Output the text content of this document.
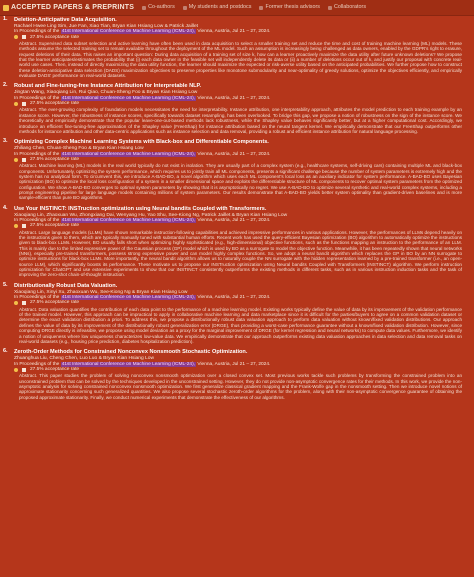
ACCEPTED PAPERS & PREPRINTS	Co-authors	My students and postdocs	Former thesis advisors	Collaborators
1. Deletion-Anticipative Data Acquisition.
Rachael Hwee Ling Sim, Jue Fan, Xiao Tian, Bryan Kian Hsiang Low & Patrick Jaillet
In Proceedings of the 41st International Conference on Machine Learning (ICML-24), Vienna, Austria, Jul 21 – 27, 2024.
27.5% acceptance rate
Abstract. Supervised data subset selection and active learning have often been used in data acquisition to select a smaller training set and reduce the time and cost of training machine learning (ML) models. These methods assume the selected training set to remain available throughout the deployment of the ML model. Such an assumption is increasingly being challenged as data owners, enabled by the GDPR's right to erasure, request deletions of their data. This raises an important question: During data acquisition of a training set of size k, how can a learner proactively maximize the data utility after future unknown deletions? We propose that the learner anticipates/estimates the probability that (i) each data owner in the feasible set will independently delete its data or (ii) a number of deletions occur out of k, and justify our proposal with concrete real-world use cases. Then, instead of directly maximizing the data utility function, the learner should maximize the expected or risk-averse utility based on the anticipated probabilities. We further propose how to construct these deletion-anticipative data selection (DADS) maximization objectives to preserve properties like monotone submodularity and near-optimality of greedy solutions, optimize the objectives efficiently, and empirically evaluate DADS' performance on real-world datasets.
2. Robust and Fine-tuning-free Instance Attribution for Interpretable NLP.
Jingtan Wang, Xiaoqiang Lin, Rui Qiao, Chuan-Sheng Foo & Bryan Kian Hsiang Low
In Proceedings of the 41st International Conference on Machine Learning (ICML-24), Vienna, Austria, Jul 21 – 27, 2024.
27.5% acceptance rate
Abstract. The ever-growing complexity of foundation models necessitates the need for interpretability. Instance attribution, one interpretability approach, attributes the model prediction to each training example by an instance score. However, the robustness of instance scores, specifically towards dataset resampling, has been overlooked. To bridge this gap, we propose a notion of robustness on the sign of the instance score. We theoretically and empirically demonstrate that the popular leave-one-out-based methods lack robustness, while the Shapley value behaves significantly better, but at a higher computational cost. Accordingly, we introduce an efficient fine-tuning-free approximation of the Shapley value (FreeShap) for instance attribution based on the neural tangent kernel. We empirically demonstrate that our FreeShap outperforms other methods for instance attribution and other data-centric applications such as instance selection and data removal, providing a robust and efficient instance attribution for natural language processing.
3. Optimizing Complex Machine Learning Systems with Black-box and Differentiable Components.
Zhiliang Chen, Chuan-Sheng Foo & Bryan Kian Hsiang Low
In Proceedings of the 41st International Conference on Machine Learning (ICML-24), Vienna, Austria, Jul 21 – 27, 2024.
27.5% acceptance rate
Abstract. Machine learning (ML) models in the real world typically do not exist in isolation. They are usually part of a complex system (e.g., healthcare systems, self-driving cars) containing multiple ML and black-box components. Unfortunately, optimizing the system performance, which requires us to jointly train all ML components, presents a significant challenge because the number of system parameters is extremely high and the system has no analytical form. To circumvent this, we introduce A-BAD-BO, a novel algorithm which uses each ML component's local loss as an auxiliary indicator for system performance. A-BAD-BO uses Bayesian optimization (BO) to optimize the local loss configuration of a system in a smaller dimensional space and exploits the differentiable structure of ML components to recover optimal system parameters from the optimized configuration. We show A-BAD-BO converges to optimal system parameters by showing that it is asymptotically no regret. We use A-BAD-BO to optimize several synthetic and real-world complex systems, including a prompt engineering pipeline for large language models containing millions of system parameters. Our results demonstrate that A-BAD-BO yields better system optimality than gradient-driven baselines and is more sample-efficient than pure BO algorithms.
4. Use Your INSTINCT: INSTruction optimization usIng Neural bandits Coupled with Transformers.
Xiaoqiang Lin, Zhaoxuan Wu, Zhongxiang Dai, Wenyang Hu, Yao Shu, See-Kiong Ng, Patrick Jaillet & Bryan Kian Hsiang Low
In Proceedings of the 41st International Conference on Machine Learning (ICML-24), Vienna, Austria, Jul 21 – 27, 2024.
27.5% acceptance rate
Abstract. Large language models (LLMs) have shown remarkable instruction-following capabilities and achieved impressive performances in various applications. However, the performances of LLMs depend heavily on the instructions given to them, which are typically manually tuned with substantial human efforts. Recent work has used the query-efficient Bayesian optimization (BO) algorithm to automatically optimize the instructions given to black-box LLMs. However, BO usually falls short when optimizing highly sophisticated (e.g., high-dimensional) objective functions, such as the functions mapping an instruction to the performance of an LLM. This is mainly due to the limited expressive power of the Gaussian process (GP) model which is used by BO as a surrogate to model the objective function. Meanwhile, it has been repeatedly shown that neural networks (NNs), especially pre-trained transformers, possess strong expressive power and can model highly complex functions. So, we adopt a neural bandit algorithm which replaces the GP in BO by an NN surrogate to optimize instructions for black-box LLMs. More importantly, the neural bandit algorithm allows us to naturally couple the NN surrogate with the hidden representation learned by a pre-trained transformer (i.e., an open-source LLM), which significantly boosts its performance. These motivate us to propose our INSTruction optimization usIng Neural bandits Coupled with Transformers (INSTINCT) algorithm. We perform instruction optimization for ChatGPT and use extensive experiments to show that our INSTINCT consistently outperforms the existing methods in different tasks, such as in various instruction induction tasks and the task of improving the zero-shot chain-of-thought instruction.
5. Distributionally Robust Data Valuation.
Xiaoqiang Lin, Xinyi Xu, Zhaoxuan Wu, See-Kiong Ng & Bryan Kian Hsiang Low
In Proceedings of the 41st International Conference on Machine Learning (ICML-24), Vienna, Austria, Jul 21 – 27, 2024.
27.5% acceptance rate
Abstract. Data valuation quantifies the contribution of each data point to the performance of a machine learning model. Existing works typically define the value of data by its improvement of the validation performance of the trained model. However, this approach can be impractical to apply in collaborative machine learning and data marketplace since it is difficult for the parties/buyers to agree on a common validation dataset or determine the exact validation distribution a priori. To address this, we propose a distributionally robust data valuation approach to perform data valuation without known/fixed validation distributions. Our approach defines the value of data by its improvement of the distributionally robust generalization error (DRGE), thus providing a worst-case performance guarantee without a known/fixed validation distribution. However, since computing DRGE directly is infeasible, we propose using model deviation as a proxy for the marginal improvement of DRGE (for kernel regression and neural networks) to compute data values. Furthermore, we identify a notion of uniqueness where low uniqueness characterizes low-value data. We empirically demonstrate that our approach outperforms existing data valuation approaches in data selection and data removal tasks on real-world datasets (e.g., housing price prediction, diabetes hospitalization prediction).
6. Zeroth-Order Methods for Constrained Nonconvex Nonsmooth Stochastic Optimization.
Zhuanghua Liu, Cheng Chen, Luo Luo & Bryan Kian Hsiang Low
In Proceedings of the 41st International Conference on Machine Learning (ICML-24), Vienna, Austria, Jul 21 – 27, 2024.
27.5% acceptance rate
Abstract. This paper studies the problem of solving nonconvex nonsmooth optimization over a closed convex set. Most previous works tackle such problems by transforming the constrained problem into an unconstrained problem that can be solved by the techniques developed in the unconstrained setting. However, they do not provide non-asymptotic convergence rates for their methods. In this work, we provide the non-asymptotic analysis for solving constrained nonconvex nonsmooth optimization. We first generalize classical gradient mapping and the Frank-Wolfe gap in the nonsmooth setting. Then we introduce novel notions of approximate stationarity concerning such generalized quantities. We also propose several stochastic zeroth-order algorithms for the problem, along with their non-asymptotic convergence guarantee of obtaining the proposed approximate stationarity. Finally, we conduct numerical experiments that demonstrate the effectiveness of our algorithms.
